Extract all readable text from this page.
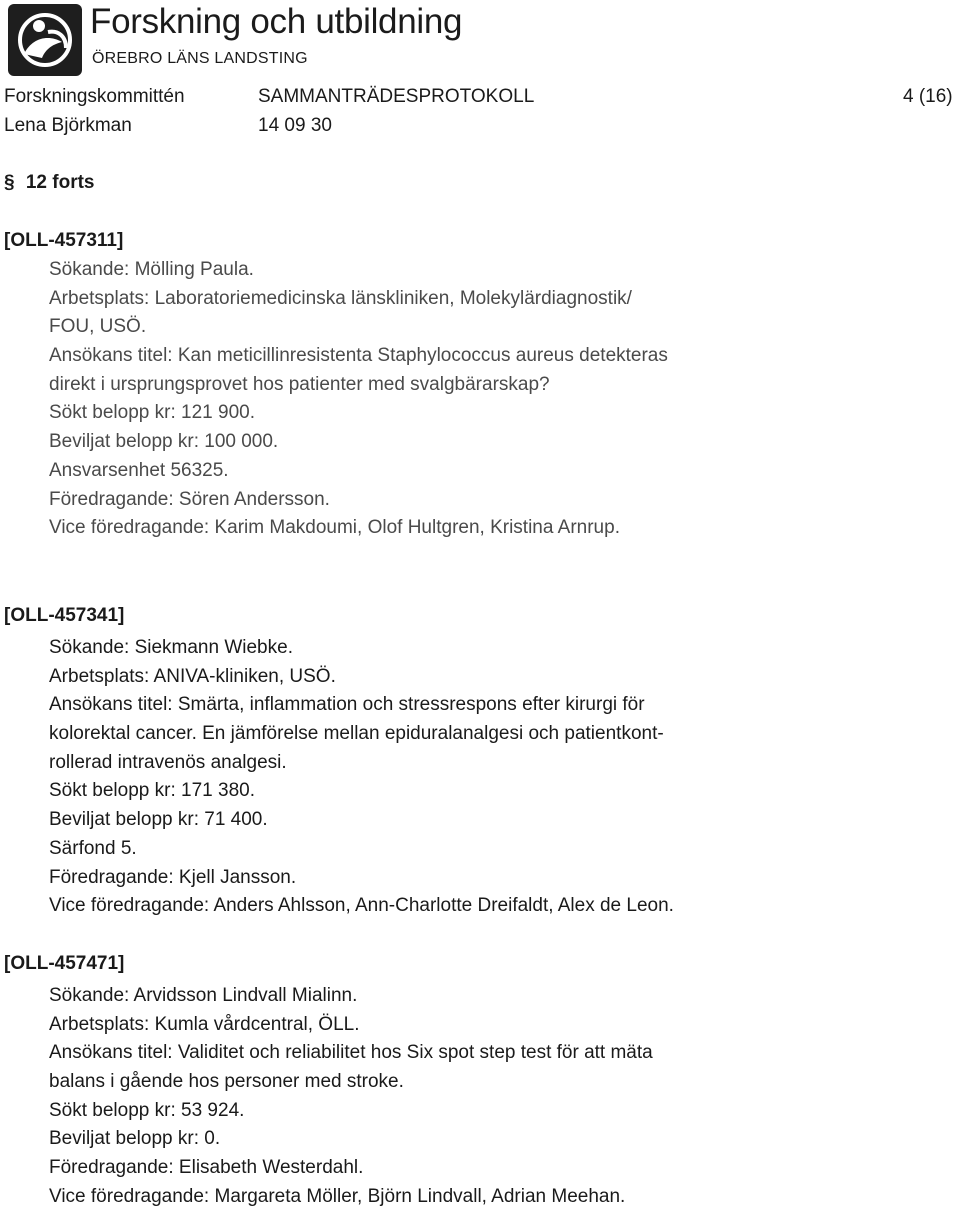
Forskning och utbildning
ÖREBRO LÄNS LANDSTING
Forskningskommittén	SAMMANTRÄDESPROTOKOLL	4 (16)
Lena Björkman	14 09 30
§ 12 forts
[OLL-457311]
Sökande: Mölling Paula.
Arbetsplats: Laboratoriemedicinska länskliniken, Molekylärdiagnostik/
FOU, USÖ.
Ansökans titel: Kan meticillinresistenta Staphylococcus aureus detekteras
direkt i ursprungsprovet hos patienter med svalgbärarskap?
Sökt belopp kr: 121 900.
Beviljat belopp kr: 100 000.
Ansvarsenhet 56325.
Föredragande: Sören Andersson.
Vice föredragande: Karim Makdoumi, Olof Hultgren, Kristina Arnrup.
[OLL-457341]
Sökande: Siekmann Wiebke.
Arbetsplats: ANIVA-kliniken, USÖ.
Ansökans titel: Smärta, inflammation och stressrespons efter kirurgi för
kolorektal cancer. En jämförelse mellan epiduralanalgesi och patientkont-
rollerad intravenös analgesi.
Sökt belopp kr: 171 380.
Beviljat belopp kr: 71 400.
Särfond 5.
Föredragande: Kjell Jansson.
Vice föredragande: Anders Ahlsson, Ann-Charlotte Dreifaldt, Alex de Leon.
[OLL-457471]
Sökande: Arvidsson Lindvall Mialinn.
Arbetsplats: Kumla vårdcentral, ÖLL.
Ansökans titel: Validitet och reliabilitet hos Six spot step test för att mäta
balans i gående hos personer med stroke.
Sökt belopp kr: 53 924.
Beviljat belopp kr: 0.
Föredragande: Elisabeth Westerdahl.
Vice föredragande: Margareta Möller, Björn Lindvall, Adrian Meehan.
